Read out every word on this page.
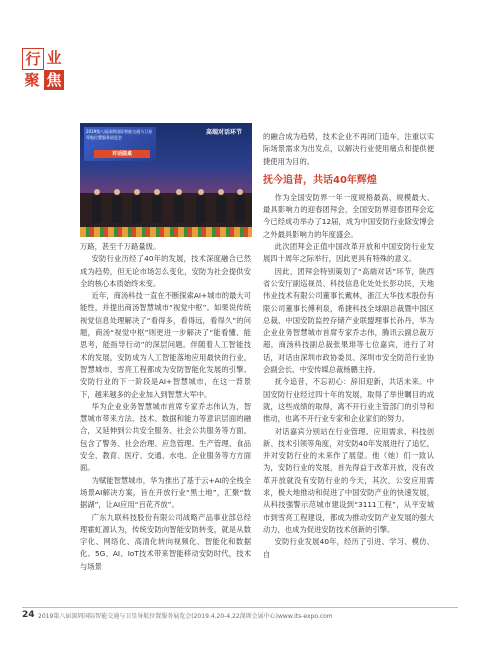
行 业
聚 焦
2019第八届深圳国际智能交通与卫星导航位置服务展览会
对话圆桌
高端对话环节

万路，甚至千万路量级。

安防行业历经了40年的发展，技术深度融合已然成为趋势，但无论市场怎么变化，安防为社会提供安全的核心本质始终未变。

近年，商汤科技一直在不断探索AI+城市的最大可能性，并提出商汤智慧城市“视觉中枢”。如果说传统视觉信息处理解决了“看得多，看得远，看得久”的问题，商汤“视觉中枢”则更进一步解决了“能看懂、能思考，能指导行动”的深层问题。伴随着人工智能技术的发展，安防成为人工智能落地应用最快的行业，智慧城市、雪亮工程都成为安防智能化发展的引擎。安防行业的下一阶段是AI+智慧城市，在这一背景下，越来越多的企业加入到智慧大军中。

华为企业业务智慧城市首席专家乔志伟认为，智慧城市带来方法、技术、数据和能力等意识层面的融合，又延伸到公共安全服务、社会公共服务等方面，包含了警务、社会治理、应急管理、生产管理、食品安全、教育、医疗、交通、水电、企业服务等方方面面。

为赋能智慧城市，华为推出了基于云+AI的全栈全场景AI解决方案，旨在开放行业“黑土地”，汇聚“数据湖”，让AI应用“百花齐放”。

广东九联科技股份有限公司战略产品事业部总经理霍虹源认为，传统安防向智能安防转变，就是从数字化、网络化、高清化转向视频化、智能化和数据化。5G、AI、IoT技术带来智能移动安防时代，技术与场景

的融合成为趋势，技术企业不再闭门造车，注重以实际场景需求为出发点，以解决行业使用痛点和提供便捷使用为目的。

抚今追昔，共话40年辉煌

作为全国安防界一年一度规格最高、规模最大、最具影响力的迎春团拜会，全国安防界迎春团拜会迄今已经成功举办了12届，成为中国安防行业除安博会之外最具影响力的年度盛会。

此次团拜会正值中国改革开放和中国安防行业发展四十周年之际举行，因此更具有特殊的意义。

因此，团拜会特别策划了“高端对话”环节，陕西省公安厅副巡视员、科技信息化处处长彭功民，天地伟业技术有限公司董事长戴林，浙江大华技术股份有限公司董事长傅利泉，希捷科技全球副总裁暨中国区总裁、中国安防监控存储产业联盟理事长孙丹，华为企业业务智慧城市首席专家乔志伟，腾讯云副总裁万超，商汤科技副总裁张果琲等七位嘉宾，进行了对话，对话由深圳市政协委员、深圳市安全防范行业协会副会长、中安传媒总裁杨鹏主持。

抚今追昔，不忘初心：辞旧迎新，共话未来。中国安防行业经过四十年的发展，取得了举世瞩目的成就，这些成绩的取得，离不开行业主管部门的引导和推动，也离不开行业专家和企业家们的努力。

对话嘉宾分别站在行业管理、应用需求、科技创新、技术引领等角度，对安防40年发展进行了追忆，并对安防行业的未来作了展望。他（她）们一致认为，安防行业的发展，首先得益于改革开放，没有改革开放就没有安防行业的今天，其次，公安应用需求，极大地推动和促进了中国安防产业的快速发展，从科技强警示范城市建设到“3111工程”，从平安城市到雪亮工程建设，都成为推动安防产业发展的强大动力，也成为促进安防技术创新的引擎。

安防行业发展40年，经历了引进、学习、模仿、自

24 2019第八届深圳国际智能交通与卫星导航位置服务展览会(2019.4.20-4.22深圳会展中心)www.its-expo.com
